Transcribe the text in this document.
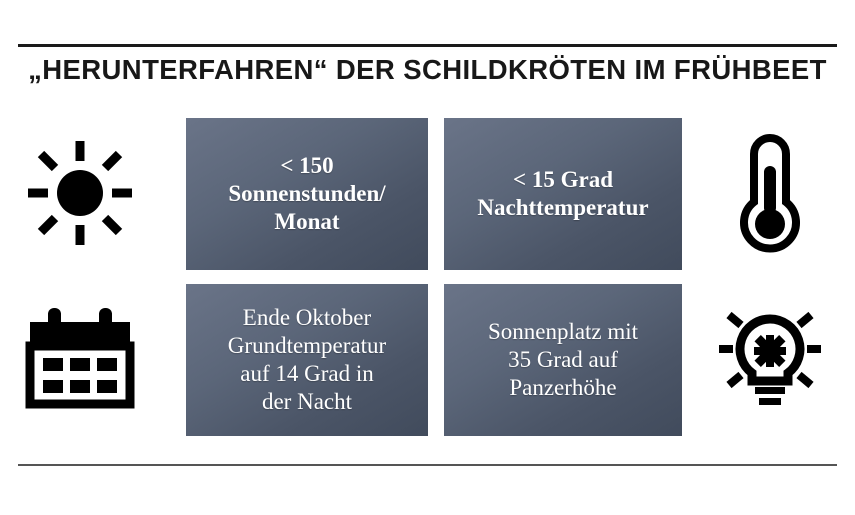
„HERUNTERFAHREN“ DER SCHILDKRÖTEN IM FRÜHBEET
< 150
Sonnenstunden/
Monat
< 15 Grad
Nachttemperatur
Ende Oktober
Grundtemperatur
auf 14 Grad in
der Nacht
Sonnenplatz mit
35 Grad auf
Panzerhöhe
